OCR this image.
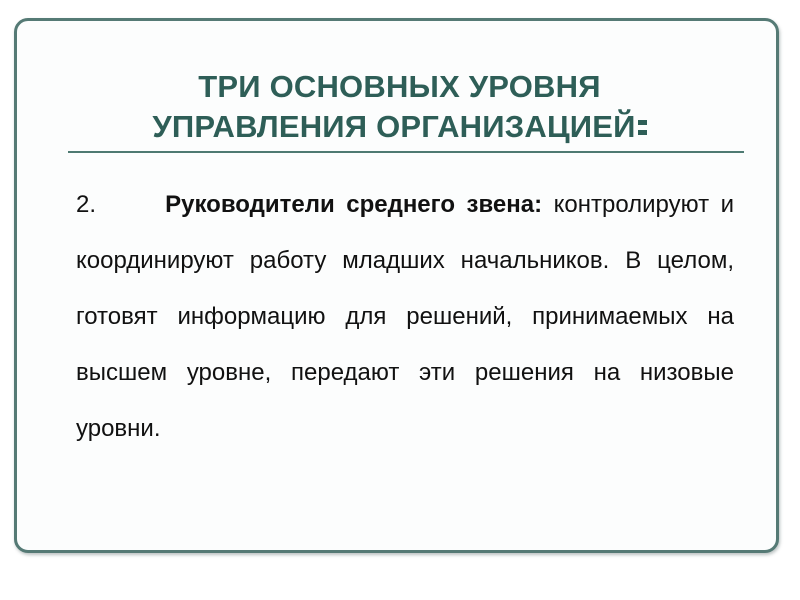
ТРИ ОСНОВНЫХ УРОВНЯ
УПРАВЛЕНИЯ ОРГАНИЗАЦИЕЙ

2.	Руководители среднего звена: контролируют и координируют работу младших начальников. В целом, готовят информацию для решений, принимаемых на высшем уровне, передают эти решения на низовые уровни.
